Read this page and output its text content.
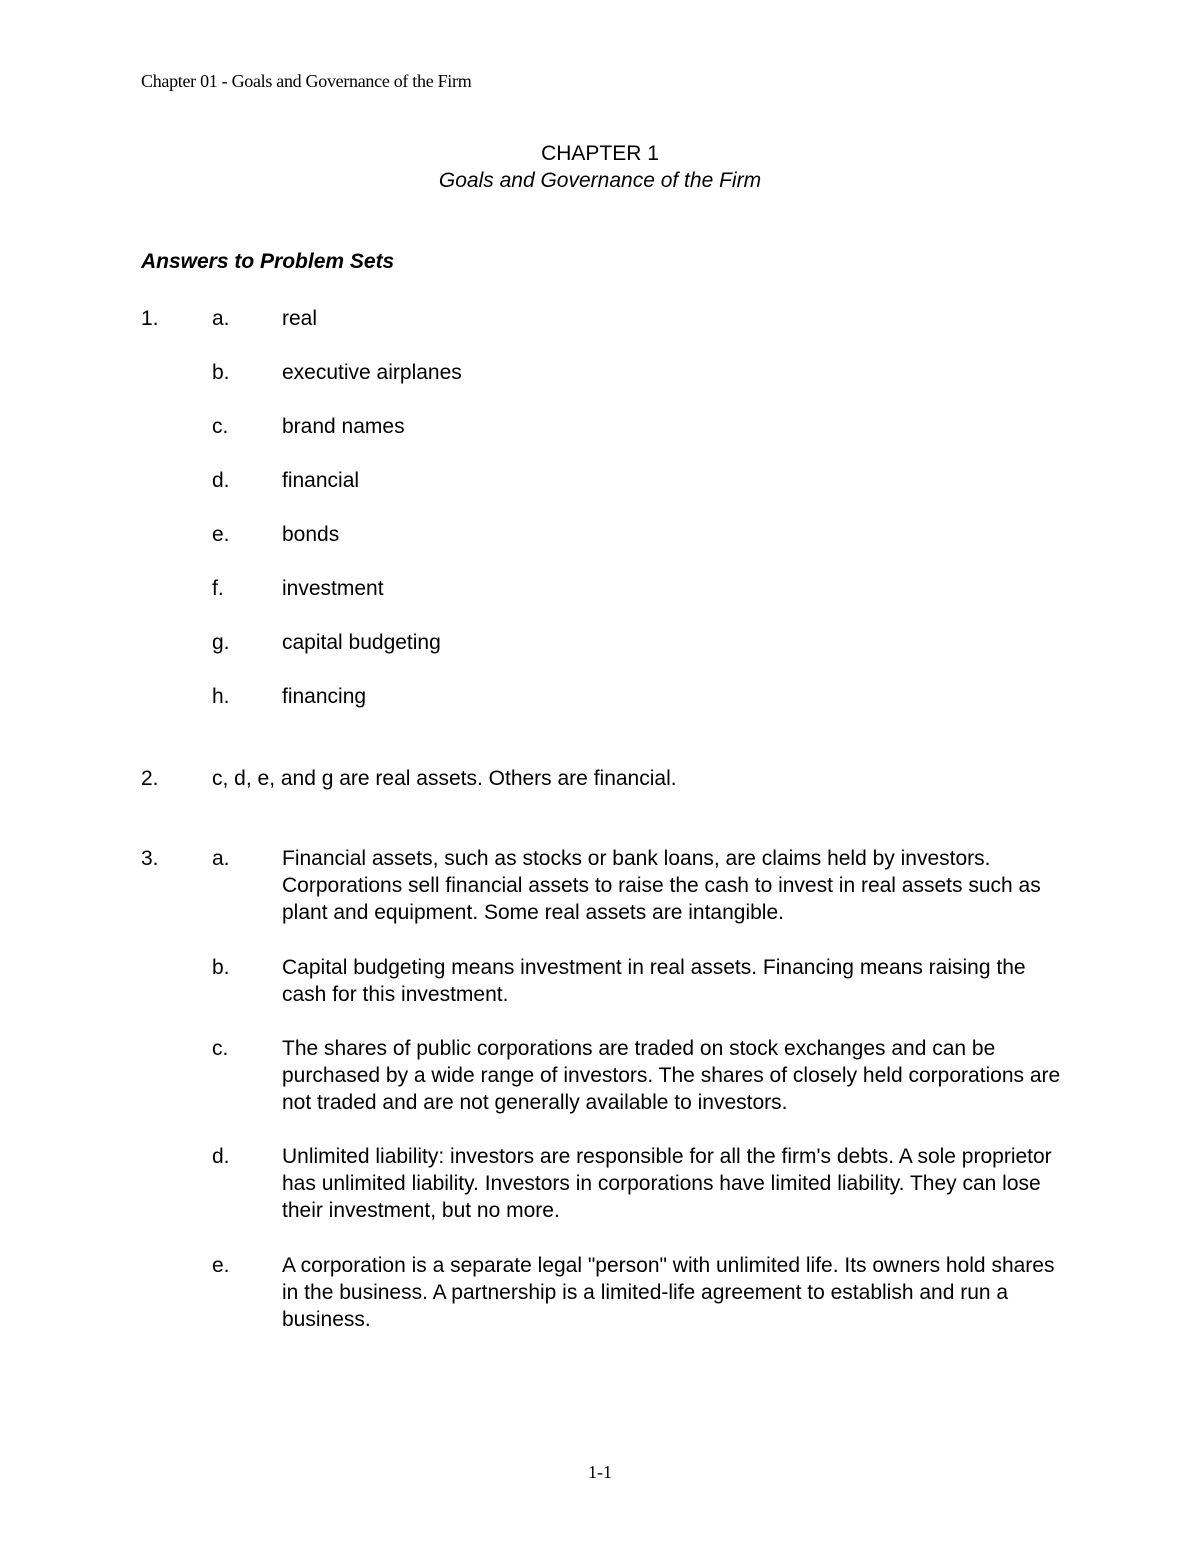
Chapter 01 - Goals and Governance of the Firm
CHAPTER 1
Goals and Governance of the Firm
Answers to Problem Sets
1.	a. real
b. executive airplanes
c.	brand names
d. financial
e. bonds
f.	investment
g. capital budgeting
h. financing
2.	c, d, e, and g are real assets. Others are financial.
3.	a. Financial assets, such as stocks or bank loans, are claims held by investors. Corporations sell financial assets to raise the cash to invest in real assets such as plant and equipment. Some real assets are intangible.
b. Capital budgeting means investment in real assets. Financing means raising the cash for this investment.
c.	The shares of public corporations are traded on stock exchanges and can be purchased by a wide range of investors. The shares of closely held corporations are not traded and are not generally available to investors.
d. Unlimited liability: investors are responsible for all the firm's debts. A sole proprietor has unlimited liability. Investors in corporations have limited liability. They can lose their investment, but no more.
e. A corporation is a separate legal "person" with unlimited life. Its owners hold shares in the business. A partnership is a limited-life agreement to establish and run a business.
1-1
